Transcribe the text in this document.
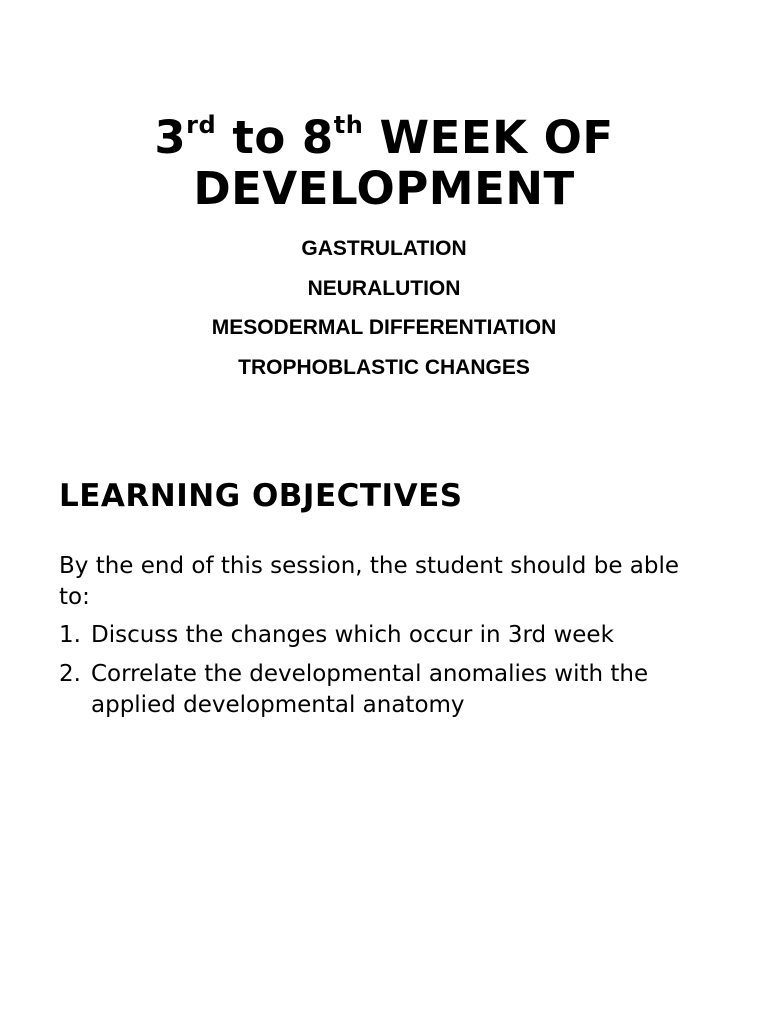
3rd to 8th WEEK OF
DEVELOPMENT
GASTRULATION
NEURALUTION
MESODERMAL DIFFERENTIATION
TROPHOBLASTIC CHANGES
LEARNING OBJECTIVES
By the end of this session, the student should be able to:
1. Discuss the changes which occur in 3rd week
2. Correlate the developmental anomalies with the applied developmental anatomy
